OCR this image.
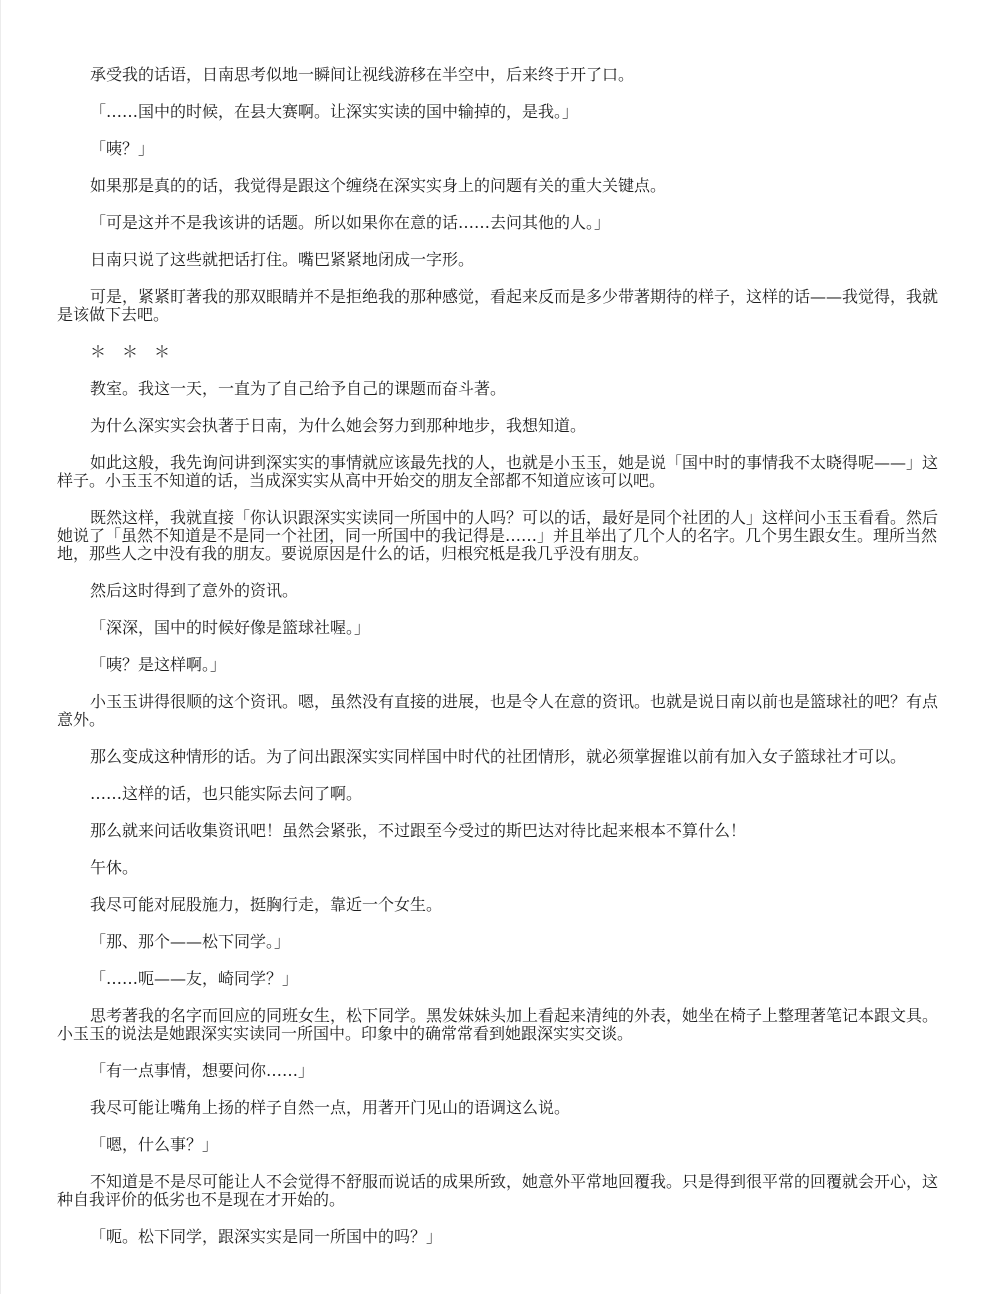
承受我的话语，日南思考似地一瞬间让视线游移在半空中，后来终于开了口。
「……国中的时候，在县大赛啊。让深实实读的国中输掉的，是我。」
「咦？」
如果那是真的的话，我觉得是跟这个缠绕在深实实身上的问题有关的重大关键点。
「可是这并不是我该讲的话题。所以如果你在意的话……去问其他的人。」
日南只说了这些就把话打住。嘴巴紧紧地闭成一字形。
可是，紧紧盯著我的那双眼睛并不是拒绝我的那种感觉，看起来反而是多少带著期待的样子，这样的话——我觉得，我就
是该做下去吧。
＊　＊　＊
教室。我这一天，一直为了自己给予自己的课题而奋斗著。
为什么深实实会执著于日南，为什么她会努力到那种地步，我想知道。
如此这般，我先询问讲到深实实的事情就应该最先找的人，也就是小玉玉，她是说「国中时的事情我不太晓得呢——」这
样子。小玉玉不知道的话，当成深实实从高中开始交的朋友全部都不知道应该可以吧。
既然这样，我就直接「你认识跟深实实读同一所国中的人吗？可以的话，最好是同个社团的人」这样问小玉玉看看。然后
她说了「虽然不知道是不是同一个社团，同一所国中的我记得是……」并且举出了几个人的名字。几个男生跟女生。理所当然
地，那些人之中没有我的朋友。要说原因是什么的话，归根究柢是我几乎没有朋友。
然后这时得到了意外的资讯。
「深深，国中的时候好像是篮球社喔。」
「咦？是这样啊。」
小玉玉讲得很顺的这个资讯。嗯，虽然没有直接的进展，也是令人在意的资讯。也就是说日南以前也是篮球社的吧？有点
意外。
那么变成这种情形的话。为了问出跟深实实同样国中时代的社团情形，就必须掌握谁以前有加入女子篮球社才可以。
……这样的话，也只能实际去问了啊。
那么就来问话收集资讯吧！虽然会紧张，不过跟至今受过的斯巴达对待比起来根本不算什么！
午休。
我尽可能对屁股施力，挺胸行走，靠近一个女生。
「那、那个——松下同学。」
「……呃——友，崎同学？」
思考著我的名字而回应的同班女生，松下同学。黑发妹妹头加上看起来清纯的外表，她坐在椅子上整理著笔记本跟文具。
小玉玉的说法是她跟深实实读同一所国中。印象中的确常常看到她跟深实实交谈。
「有一点事情，想要问你……」
我尽可能让嘴角上扬的样子自然一点，用著开门见山的语调这么说。
「嗯，什么事？」
不知道是不是尽可能让人不会觉得不舒服而说话的成果所致，她意外平常地回覆我。只是得到很平常的回覆就会开心，这
种自我评价的低劣也不是现在才开始的。
「呃。松下同学，跟深实实是同一所国中的吗？」
